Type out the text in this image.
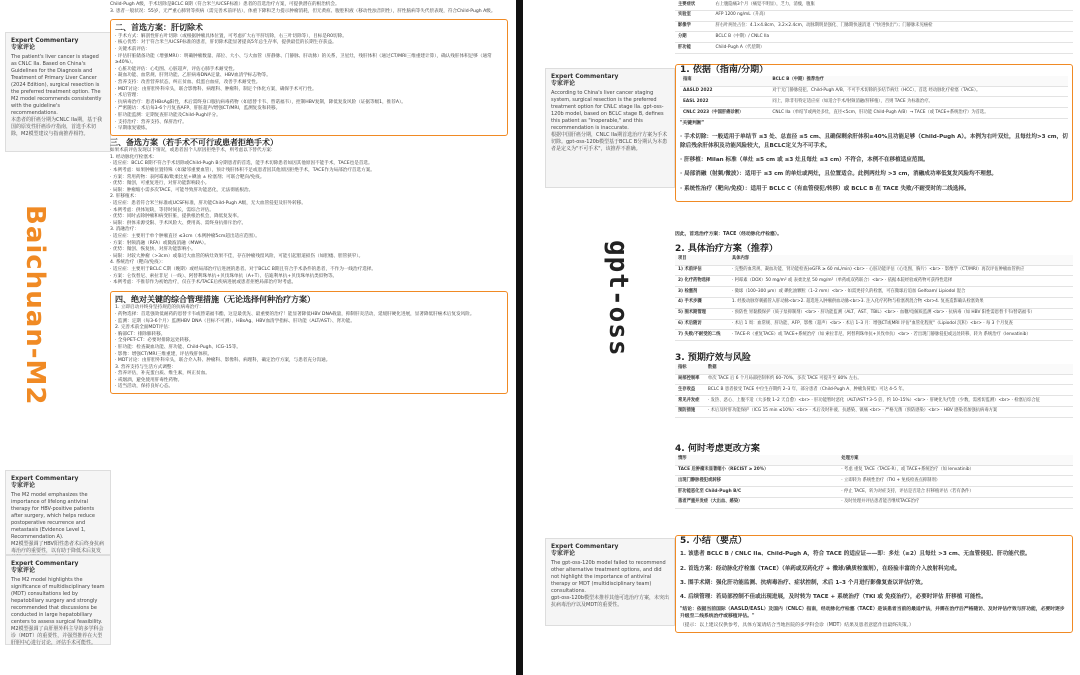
Baichuan-M2
Expert Commentary
专家评论
The patient's liver cancer is staged as CNLC IIa. Based on China's Guidelines for the Diagnosis and Treatment of Primary Liver Cancer (2024 Edition), surgical resection is the preferred treatment option. The M2 model recommends consistently with the guideline's recommendations.
本患者的肝癌分期为CNLC IIa期，基于我国的原发性肝癌诊疗指南，首选手术切除，M2模型建议与指南推荐相符。
Expert Commentary
专家评论
The M2 model emphasizes the importance of lifelong antiviral therapy for HBV-positive patients after surgery, which helps reduce postoperative recurrence and metastasis (Evidence Level 1, Recommendation A).
M2模型强调了HBV阳性患者术后终身抗病毒治疗的重要性，以有助于降低术后复发
Expert Commentary
专家评论
The M2 model highlights the significance of multidisciplinary team (MDT) consultations led by hepatobiliary surgery and strongly recommended that discussions be conducted in large hepatobiliary centers to assess surgical feasibility.
M2模型强调了由肝胆外科主导的多学科会诊（MDT）的重要性，并强烈推荐在大型肝胆中心进行讨论，评估手术可能性。

Child-Pugh A级，手术切除是BCLC B期（符合米兰/UCSF标准）患者的首选治疗方案，可提供潜在的根治机会。

3. 患者一般状况：55岁，无严重心肺肾等疾病（需完善术前评估），体重下降和乏力提示肿瘤消耗，但无黄疸、腹腔积液（移动性浊音阴性），肝性脑病等失代偿表现，符合Child-Pugh A级。

二、首选方案：肝切除术

· 手术方式：解剖性肝右叶切除（或根据肿瘤具体位置，可考虑扩大右半肝切除，右三叶切除等），目标是R0切除。

· 核心优势：对于符合米兰/UCSF标准的患者，肝切除术能显著提高5年总生存率，提供最佳的长期生存获益。

· 关键术前评估：

· 评估肝脏储备功能（增强MRI）：明确肿瘤数量、部位、大小、与大血管（肝静脉、门静脉、肝动脉）的关系，卫星灶，残肝体积（通过CT/MRI三维重建计算），确认残肝体积足够（通常 ≥40%）。

· 心脏功能评估：心电图、心脏超声，评估心肺手术耐受性。

· 凝血功能、血常规、肝肾功能、乙肝病毒DNA定量、HBV血清学标志物等。

· 营养支持：改善营养状态，纠正贫血、低蛋白血症，改善手术耐受性。

· MDT讨论：由肝胆外科牵头，联合影像科、病理科、肿瘤科，制定个体化方案，确保手术可行性。

· 术后管理：

· 抗病毒治疗：患者HBsAg阳性，术后需终身口服抗病毒药物（如恩替卡韦、替诺福韦），控制HBV复制，降低复发风险（证据等级1，推荐A）。

· 严密随访：术后每3-6个月复查AFP、肝脏超声/增强CT/MRI，监测复发和转移。

· 肝功能监测：定期复查肝功能及Child-Pugh评分。

· 支持治疗：营养支持、保肝治疗。

· 早期康复锻炼。

三、备选方案（若手术不可行或患者拒绝手术）

如果术前评估发现以下情况，或患者因个人原因拒绝手术，则考虑以下替代方案：

1. 经动脉化疗栓塞术：

· 适应症：BCLC B期不符合手术切除或Child-Pugh B分期患者的首选，能手术切除患者如因其他原因不能手术，TACE也是首选。

· 本例考虑：如果肿瘤位置特殊（如紧邻重要血管），预计残肝体积不足或患者因其他原因拒绝手术，TACE作为局部治疗首选方案。

· 方案：常用药物：表阿霉素/吡柔比星+碘油 ± 栓塞剂；可联合靶向/免疫。

· 优势：微创，可重复进行，对肝功能影响较小。

· 局限：肿瘤缩小需多次TACE，可能导致肝功能恶化，无法彻底根治。

2. 肝移植术：

· 适应症：患者符合米兰标准或UCSF标准，肝功能Child-Pugh A级，无大血管侵犯及肝外转移。

· 本例考虑：供体短缺，等待时间长，需综合评估。

· 优势：同时去除肿瘤和病变肝脏，提供根治机会，降低复发率。

· 局限：供体来源受限、手术风险大、费用高、需终身抗排斥治疗。

3. 消融治疗：

· 适应症：主要用于单个肿瘤直径 ≤3cm（本例肿瘤5cm超出适应范围）。

· 方案：射频消融（RFA）或微波消融（MWA）。

· 优势：微创、恢复快、对肝功能影响小。

· 局限：对较大肿瘤（>3cm）或靠近大血管的病灶效果不佳，存在肿瘤残留风险，可能引起胆道损伤（如胆瘘、胆管狭窄）。

4. 系统治疗（靶向/免疫）：

· 适应症：主要用于BCLC C期（晚期）或经局部治疗后进展的患者。对于BCLC B期且符合手术条件的患者，不作为一线治疗选择。

· 方案：仑伐替尼、索拉非尼（一线）、阿替利珠单抗+贝伐珠单抗（A+T）、信迪利单抗+贝伐珠单抗类似物等。

· 本例考虑：不推荐作为初始治疗，仅在手术/TACE后疾病进展或患者拒绝局部治疗时考虑。

四、绝对关键的综合管理措施（无论选择何种治疗方案）

1. 立即启动并终身坚持规范的抗病毒治疗：

· 药物选择：首选强效低耐药的恩替卡韦或替诺福韦酯，这是最优先、最重要的治疗！能显著降低HBV DNA载量，抑制肝炎活动，延缓肝硬化进展，显著降低肝癌术后复发风险。

· 监测：定期（每3-6个月）监测HBV DNA（目标不可测）、HBsAg、HBV血清学指标、肝功能（ALT/AST）、肾功能。

2. 完善术前全面MDT评估：

· 胸部CT：排除肺转移。

· 全身PET-CT：必要时排除远处转移。

· 肝功能：检查凝血功能、肝功能、Child-Pugh、ICG-15等。

· 影像：增强CT/MRI三维重建，评估残肝体积。

· MDT讨论：由肝胆外科牵头，联合介入科、肿瘤科、影像科、病理科，确定治疗方案，与患者充分沟通。

3. 营养支持与生活方式调整：

· 营养评估，补充蛋白质、维生素，纠正贫血。

· 戒烟酒，避免使用肝毒性药物。

· 适当活动，保持良好心态。

gpt-oss
Expert Commentary
专家评论
According to China's liver cancer staging system, surgical resection is the preferred treatment option for CNLC stage IIa. gpt-oss-120b model, based on BCLC stage B, defines this patient as "inoperable," and this recommendation is inaccurate.
根据中国肝癌分期，CNLC IIa期首选治疗方案为手术切除。gpt-oss-120b模型基于BCLC B分期认为本患者是定义为"不可手术"，该推荐不准确。
Expert Commentary
专家评论
The gpt-oss-120b model failed to recommend other alternative treatment options, and did not highlight the importance of antiviral therapy or MDT (multidisciplinary team) consultations.
gpt-oss-120b模型未推荐其他可选治疗方案，未突出抗病毒治疗以及MDT的重要性。
主要症状	右上腹隐痛3个月（痛觉不明显），乏力，消瘦，腹胀
实验室	AFP 1200 ng/mL（升高）
影像学	肝右叶两处占位：4.1×4.8cm、3.2×2.4cm，动脉期明显强化、门脉期快速消退（"快进快出"）；门静脉未见癌栓
分期	BCLC B（中期）/ CNLC IIa
肝功能	Child-Pugh A（代偿期）
1. 依据（指南/分期）
指南	BCLC B（中期）推荐治疗
AASLD 2022	对于无门静脉侵犯、Child-Pugh A/B、不可手术切除的多结节病灶（HCC），首选 经动脉化疗栓塞（TACE）。
EASL 2022	同上，除非有特定适应症（如适合手术/射频消融/肝移植），否则 TACE 为标准治疗。
CNLC 2023（中国肝癌诊断）	CNLC IIa（单结节或两处多灶，直径<5cm，肝功能 Child-Pugh A/B）→ TACE（或 TACE+系统治疗）为首选。
"关键判断"

· 手术切除：一般适用于单结节 ≤3 处、总直径 ≤5 cm、且确保剩余肝体积≥40%且功能足够（Child-Pugh A）。本例为右叶双灶，且每灶均>3 cm，切除后残余肝体积及功能风险较大，且BCLC定义为不可手术。

· 肝移植：Milan 标准（单灶 ≤5 cm 或 ≤3 灶且每灶 ≤3 cm）不符合，本例不在移植适应范围。

· 局部消融（射频/微波）：适用于 ≤3 cm 的单灶或两灶，且位置适合。此例两灶均 >3 cm，消融成功率低复发风险均不理想。

· 系统性治疗（靶向/免疫）：适用于 BCLC C（有血管侵犯/转移）或 BCLC B 在 TACE 失败/不耐受时的二线选择。

因此，首选治疗方案：TACE（经动脉化疗栓塞）。
2. 具体治疗方案（推荐）
项目	具体内容
1) 术前评估	· 完整的血常规、凝血功能、肾功能检查(eGFR ≥ 60 mL/min) <br> · 心脏功能评估（心电图、胸片）<br> · 影像学（CT/MRI）再次评估肿瘤血管供应
2) 化疗药物选择	· 阿霉素（DOX）50 mg/m² 或 表柔比星 50 mg/m²（单药或双药联合）<br> · 依据本院经验或药物可获得性选择
3) 栓塞剂	· 微球（100–300 μm）或 碘化油颗粒（1–2 mm）<br> · 如需更持久的栓塞，可在微球后追加 Gelfoam/ Lipiodol 混合
4) 手术步骤	1. 经股动脉穿刺插管入肝动脉<br>2. 超选进入肿瘤供血动脉<br>3. 注入化疗药物与栓塞剂混合物 <br>4. 复查造影确认栓塞效果
5) 围术期管理	· 预防性 胃黏膜保护（质子泵抑制剂）<br> · 肝功能监测（ALT、AST、TBIL）<br> · 血糖/电解质监测 <br> · 抗病毒（如 HBV 阳性需恩替卡韦/替诺福韦）
6) 术后随访	· 术后 1 周：血常规、肝功能、AFP、影像（超声）<br> · 术后 1–3 月：增强CT或MRI 评估"血管化程度"（Lipiodol 沉积）<br> · 每 3 个月复查
7) 失败/不耐受的二线	· TACE-R（重复TACE）或 TACE+系统治疗（如 索拉非尼、阿替利珠单抗+贝伐单抗）<br> · 若出现门静脉侵犯或远处转移，转为 系统治疗（lenvatinib）
3. 预期疗效与风险
指标	数据
局部控制率	单次 TACE 后 6 个月局部控制率约 60–70%，多次 TACE 可提升至 80% 左右。
生存收益	BCLC B 患者接受 TACE 中位生存期约 2–3 年，部分患者（Child-Pugh A、肿瘤负荷低）可达 4–5 年。
常见并发症	· 发热、恶心、上腹不适（大多数 1–2 天自愈）<br> · 肝功能暂时恶化（ALT/AST↑3–5 倍，约 10–15%）<br> · 肝硬化失代偿（少数，需密切监测）<br> · 栓塞后综合征
预防措施	· 术后及时肝功能保护（ICG 15 min ≤10%）<br> · 术后及时补液、抗感染、镇痛 <br> · 严格无菌（预防感染）<br> · HBV 感染者加强抗病毒方案
4. 何时考虑更改方案
情形	处理方案
TACE 后肿瘤未显著缩小（RECIST ≥ 20%）	· 考虑 重复 TACE（TACE-R），或 TACE+系统治疗（如 lenvatinib）
出现门静脉侵犯或转移	· 立即转为 系统性治疗（TKI + 免疫检查点抑制剂）
肝功能恶化至 Child-Pugh B/C	· 停止 TACE，转为对症支持，评估是否适合 肝移植评估（若有条件）
患者严重并发症（大出血、感染）	· 及时处理并评估患者能否继续TACE治疗
5. 小结（要点）

1. 该患者 BCLC B / CNLC IIa、Child-Pugh A，符合 TACE 的适应证——即：多灶（≥2）且每灶 >3 cm、无血管侵犯、肝功能代偿。

2. 首选方案：经动脉化疗栓塞（TACE）（单药或双药化疗 + 微球/碘质栓塞剂），在经验丰富的介入放射科完成。

3. 围手术期：强化肝功能监测、抗病毒治疗、症状控制，术后 1–3 个月进行影像复查以评估疗效。

4. 后续管理：若局部控制不佳或出现进展，及时转为 TACE + 系统治疗（TKI 或 免疫治疗），必要时评估 肝移植 可能性。

"结论：依据当前国际（AASLD/EASL）及国内（CNLC）指南，经动脉化疗栓塞（TACE）是该患者当前的最适疗法，并需在治疗后严格随访、及时评估疗效与肝功能，必要时逐步升级至二线系统治疗或移植评估。"
（提示：以上建议仅供参考，具体方案请结合当地医院的多学科会诊（MDT）结果及患者意愿作出最终决策。）
